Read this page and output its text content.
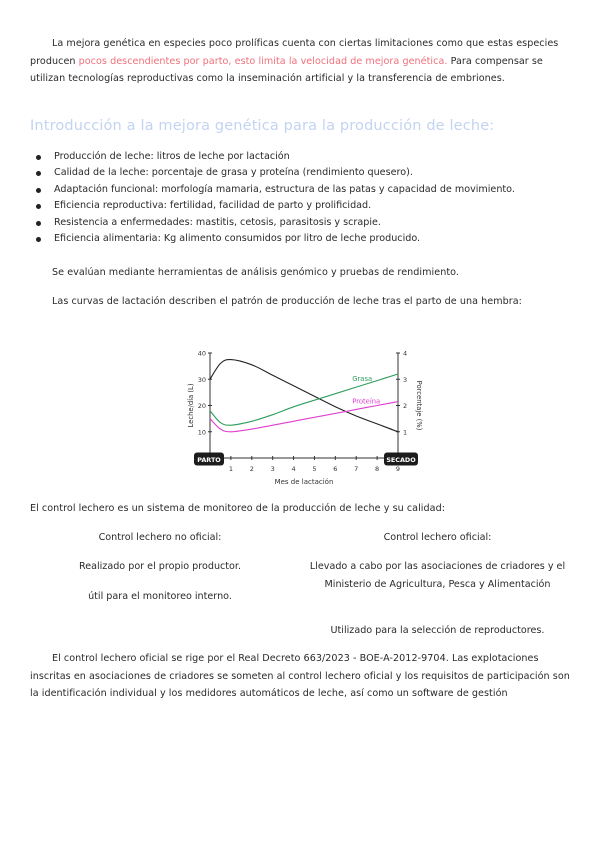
La mejora genética en especies poco prolíficas cuenta con ciertas limitaciones como que estas especies producen pocos descendientes por parto, esto limita la velocidad de mejora genética. Para compensar se utilizan tecnologías reproductivas como la inseminación artificial y la transferencia de embriones.

Introducción a la mejora genética para la producción de leche:
Producción de leche: litros de leche por lactación
Calidad de la leche: porcentaje de grasa y proteína (rendimiento quesero).
Adaptación funcional: morfología mamaria, estructura de las patas y capacidad de movimiento.
Eficiencia reproductiva: fertilidad, facilidad de parto y prolificidad.
Resistencia a enfermedades: mastitis, cetosis, parasitosis y scrapie.
Eficiencia alimentaria: Kg alimento consumidos por litro de leche producido.

Se evalúan mediante herramientas de análisis genómico y pruebas de rendimiento.

Las curvas de lactación describen el patrón de producción de leche tras el parto de una hembra:

10
20
30
40
1
2
3
4
1	2	3	4	5	6	7	8	9
PARTO	SECADO
Mes de lactación
Leche/día (L)	Porcentaje (%)
Grasa
Proteína

El control lechero es un sistema de monitoreo de la producción de leche y su calidad:

Control lechero no oficial:
Realizado por el propio productor.
útil para el monitoreo interno.
Control lechero oficial:
Llevado a cabo por las asociaciones de criadores y el Ministerio de Agricultura, Pesca y Alimentación
Utilizado para la selección de reproductores.

El control lechero oficial se rige por el Real Decreto 663/2023 - BOE-A-2012-9704. Las explotaciones inscritas en asociaciones de criadores se someten al control lechero oficial y los requisitos de participación son la identificación individual y los medidores automáticos de leche, así como un software de gestión
